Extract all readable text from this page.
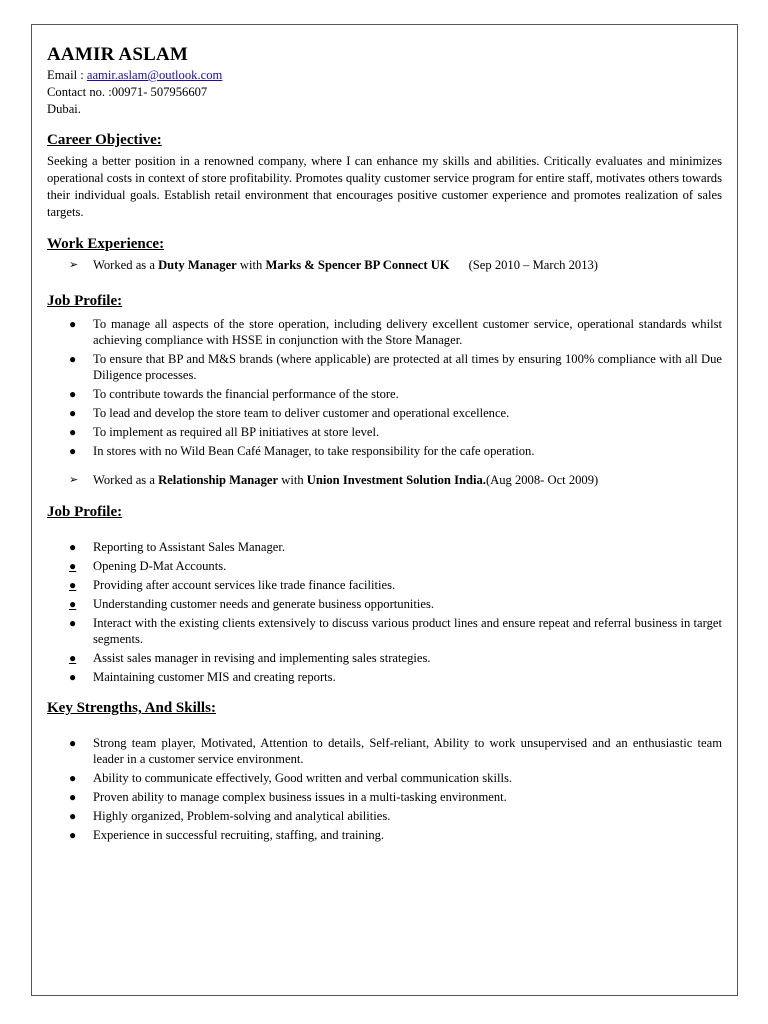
AAMIR ASLAM
Email : aamir.aslam@outlook.com
Contact no. :00971- 507956607
Dubai.
Career Objective:
Seeking a better position in a renowned company, where I can enhance my skills and abilities. Critically evaluates and minimizes operational costs in context of store profitability. Promotes quality customer service program for entire staff, motivates others towards their individual goals. Establish retail environment that encourages positive customer experience and promotes realization of sales targets.
Work Experience:
➢ Worked as a Duty Manager with Marks & Spencer BP Connect UK (Sep 2010 – March 2013)
Job Profile:
● To manage all aspects of the store operation, including delivery excellent customer service, operational standards whilst achieving compliance with HSSE in conjunction with the Store Manager.
● To ensure that BP and M&S brands (where applicable) are protected at all times by ensuring 100% compliance with all Due Diligence processes.
● To contribute towards the financial performance of the store.
● To lead and develop the store team to deliver customer and operational excellence.
● To implement as required all BP initiatives at store level.
● In stores with no Wild Bean Café Manager, to take responsibility for the cafe operation.
➢ Worked as a Relationship Manager with Union Investment Solution India.(Aug 2008- Oct 2009)
Job Profile:
● Reporting to Assistant Sales Manager.
●	Opening D-Mat Accounts.
●	Providing after account services like trade finance facilities.
●	Understanding customer needs and generate business opportunities.
● Interact with the existing clients extensively to discuss various product lines and ensure repeat and referral business in target segments.
●	Assist sales manager in revising and implementing sales strategies.
● Maintaining customer MIS and creating reports.
Key Strengths, And Skills:
● Strong team player, Motivated, Attention to details, Self-reliant, Ability to work unsupervised and an enthusiastic team leader in a customer service environment.
● Ability to communicate effectively, Good written and verbal communication skills.
● Proven ability to manage complex business issues in a multi-tasking environment.
● Highly organized, Problem-solving and analytical abilities.
● Experience in successful recruiting, staffing, and training.
